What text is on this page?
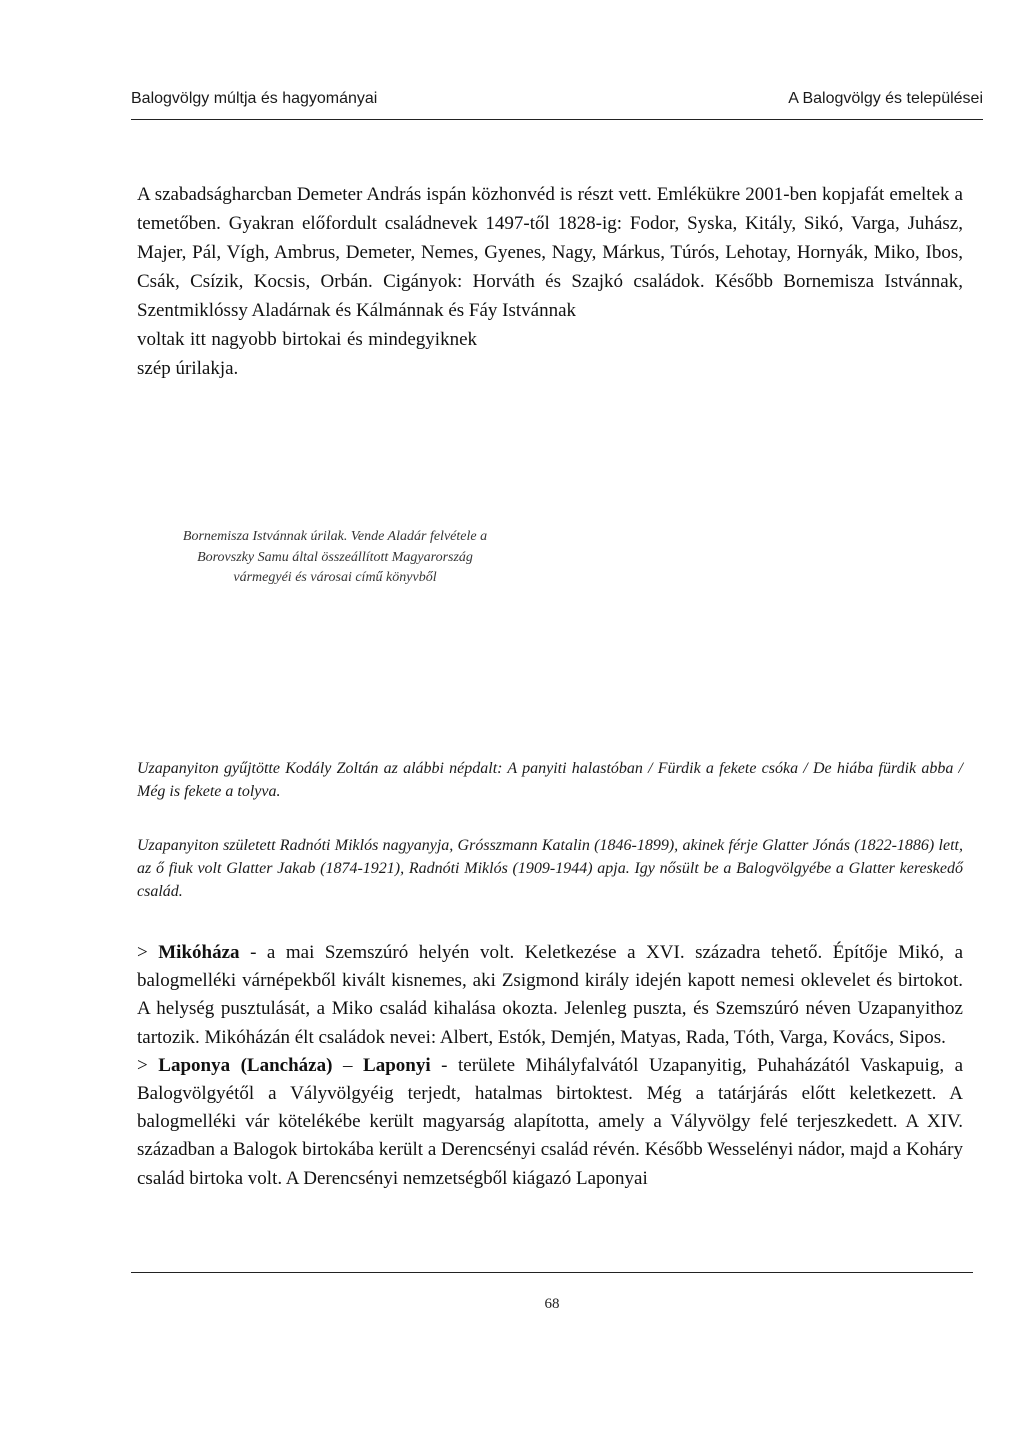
Balogvölgy múltja és hagyományai	A Balogvölgy és települései

A szabadságharcban Demeter András ispán közhonvéd is részt vett. Emlékükre 2001-ben kopjafát emeltek a temetőben. Gyakran előfordult családnevek 1497-től 1828-ig: Fodor, Syska, Kitály, Sikó, Varga, Juhász, Majer, Pál, Vígh, Ambrus, Demeter, Nemes, Gyenes, Nagy, Márkus, Túrós, Lehotay, Hornyák, Miko, Ibos, Csák, Csízik, Kocsis, Orbán. Cigányok: Horváth és Szajkó családok. Később Bornemisza Istvánnak, Szentmiklóssy Aladárnak és Kálmánnak és Fáy Istvánnak
voltak itt nagyobb birtokai és mindegyiknek szép úrilakja.

Bornemisza Istvánnak úrilak. Vende Aladár felvétele a Borovszky Samu által összeállított Magyarország vármegyéi és városai című könyvből

Uzapanyiton gyűjtötte Kodály Zoltán az alábbi népdalt: A panyiti halastóban / Fürdik a fekete csóka / De hiába fürdik abba / Még is fekete a tolyva.

Uzapanyiton született Radnóti Miklós nagyanyja, Grósszmann Katalin (1846-1899), akinek férje Glatter Jónás (1822-1886) lett, az ő fiuk volt Glatter Jakab (1874-1921), Radnóti Miklós (1909-1944) apja. Igy nősült be a Balogvölgyébe a Glatter kereskedő család.

> Mikóháza - a mai Szemszúró helyén volt. Keletkezése a XVI. századra tehető. Építője Mikó, a balogmelléki várnépekből kivált kisnemes, aki Zsigmond király idején kapott nemesi oklevelet és birtokot. A helység pusztulását, a Miko család kihalása okozta. Jelenleg puszta, és Szemszúró néven Uzapanyithoz tartozik. Mikóházán élt családok nevei: Albert, Estók, Demjén, Matyas, Rada, Tóth, Varga, Kovács, Sipos.
> Laponya (Lancháza) – Laponyi - területe Mihályfalvától Uzapanyitig, Puhaházától Vaskapuig, a Balogvölgyétől a Vályvölgyéig terjedt, hatalmas birtoktest. Még a tatárjárás előtt keletkezett. A balogmelléki vár kötelékébe került magyarság alapította, amely a Vályvölgy felé terjeszkedett. A XIV. században a Balogok birtokába került a Derencsényi család révén. Később Wesselényi nádor, majd a Koháry család birtoka volt. A Derencsényi nemzetségből kiágazó Laponyai

68
